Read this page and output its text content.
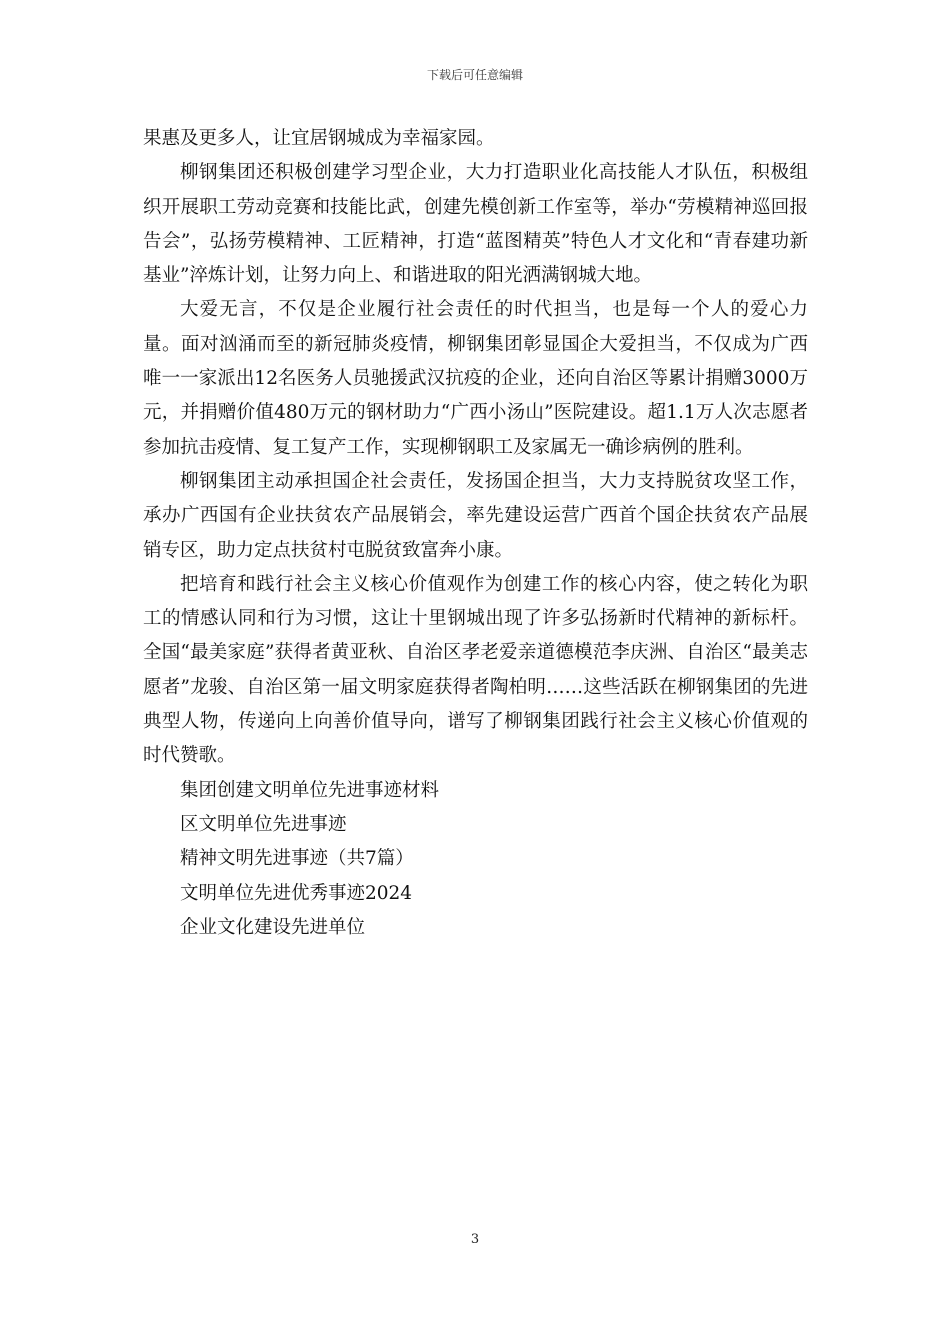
下载后可任意编辑

果惠及更多人，让宜居钢城成为幸福家园。

柳钢集团还积极创建学习型企业，大力打造职业化高技能人才队伍，积极组织开展职工劳动竞赛和技能比武，创建先模创新工作室等，举办“劳模精神巡回报告会”，弘扬劳模精神、工匠精神，打造“蓝图精英”特色人才文化和“青春建功新基业”淬炼计划，让努力向上、和谐进取的阳光洒满钢城大地。

大爱无言，不仅是企业履行社会责任的时代担当，也是每一个人的爱心力量。面对汹涌而至的新冠肺炎疫情，柳钢集团彰显国企大爱担当，不仅成为广西唯一一家派出12名医务人员驰援武汉抗疫的企业，还向自治区等累计捐赠3000万元，并捐赠价值480万元的钢材助力“广西小汤山”医院建设。超1.1万人次志愿者参加抗击疫情、复工复产工作，实现柳钢职工及家属无一确诊病例的胜利。

柳钢集团主动承担国企社会责任，发扬国企担当，大力支持脱贫攻坚工作，承办广西国有企业扶贫农产品展销会，率先建设运营广西首个国企扶贫农产品展销专区，助力定点扶贫村屯脱贫致富奔小康。

把培育和践行社会主义核心价值观作为创建工作的核心内容，使之转化为职工的情感认同和行为习惯，这让十里钢城出现了许多弘扬新时代精神的新标杆。全国“最美家庭”获得者黄亚秋、自治区孝老爱亲道德模范李庆洲、自治区“最美志愿者”龙骏、自治区第一届文明家庭获得者陶柏明……这些活跃在柳钢集团的先进典型人物，传递向上向善价值导向，谱写了柳钢集团践行社会主义核心价值观的时代赞歌。

集团创建文明单位先进事迹材料

区文明单位先进事迹

精神文明先进事迹（共7篇）

文明单位先进优秀事迹2024

企业文化建设先进单位

3
